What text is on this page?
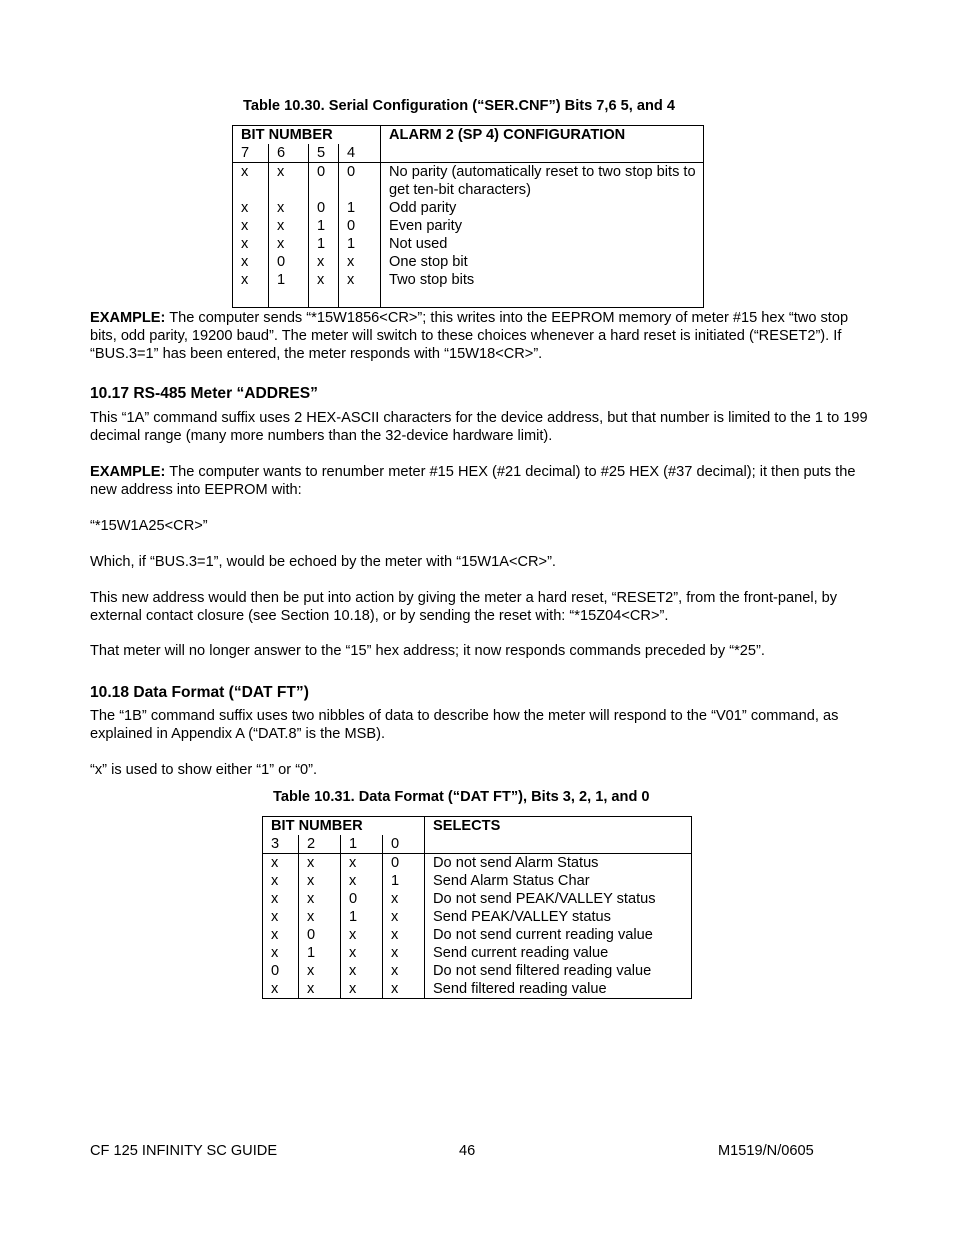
Table 10.30. Serial Configuration (“SER.CNF”) Bits 7,6 5, and 4
BIT NUMBER				ALARM 2 (SP 4) CONFIGURATION
7	6	5	4	
x	x	0	0	No parity (automatically reset to two stop bits to get ten-bit characters)
x	x	0	1	Odd parity
x	x	1	0	Even parity
x	x	1	1	Not used
x	0	x	x	One stop bit
x	1	x	x	Two stop bits

EXAMPLE: The computer sends “*15W1856<CR>”; this writes into the EEPROM memory of meter #15 hex “two stop bits, odd parity, 19200 baud”. The meter will switch to these choices whenever a hard reset is initiated (“RESET2”). If “BUS.3=1” has been entered, the meter responds with “15W18<CR>”.

10.17 RS-485 Meter “ADDRES”
This “1A” command suffix uses 2 HEX-ASCII characters for the device address, but that number is limited to the 1 to 199 decimal range (many more numbers than the 32-device hardware limit).

EXAMPLE: The computer wants to renumber meter #15 HEX (#21 decimal) to #25 HEX (#37 decimal); it then puts the new address into EEPROM with:

“*15W1A25<CR>”
Which, if “BUS.3=1”, would be echoed by the meter with “15W1A<CR>”.
This new address would then be put into action by giving the meter a hard reset, “RESET2”, from the front-panel, by external contact closure (see Section 10.18), or by sending the reset with: “*15Z04<CR>”.
That meter will no longer answer to the “15” hex address; it now responds commands preceded by “*25”.
10.18 Data Format (“DAT FT”)
The “1B” command suffix uses two nibbles of data to describe how the meter will respond to the “V01” command, as explained in Appendix A (“DAT.8” is the MSB).
“x” is used to show either “1” or “0”.
Table 10.31. Data Format (“DAT FT”), Bits 3, 2, 1, and 0
BIT NUMBER				SELECTS
3	2	1	0	
x	x	x	0	Do not send Alarm Status
x	x	x	1	Send Alarm Status Char
x	x	0	x	Do not send PEAK/VALLEY status
x	x	1	x	Send PEAK/VALLEY status
x	0	x	x	Do not send current reading value
x	1	x	x	Send current reading value
0	x	x	x	Do not send filtered reading value
x	x	x	x	Send filtered reading value
CF 125 INFINITY SC GUIDE	46	M1519/N/0605
